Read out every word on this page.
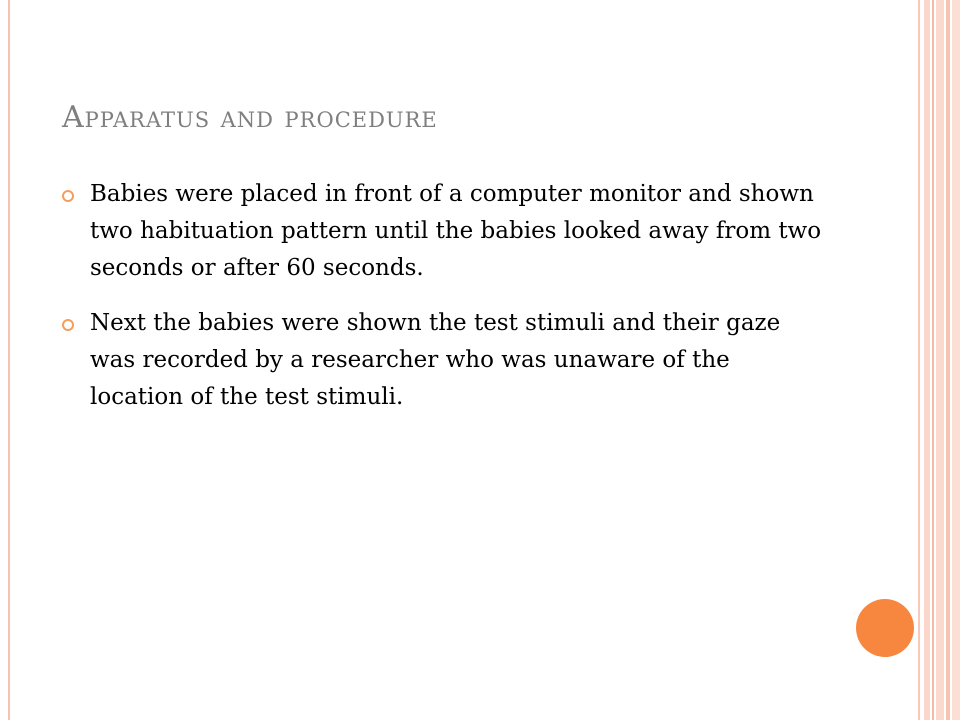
Apparatus and procedure
Babies were placed in front of a computer monitor and shown two habituation pattern until the babies looked away from two seconds or after 60 seconds.
Next the babies were shown the test stimuli and their gaze was recorded by a researcher who was unaware of the location of the test stimuli.
